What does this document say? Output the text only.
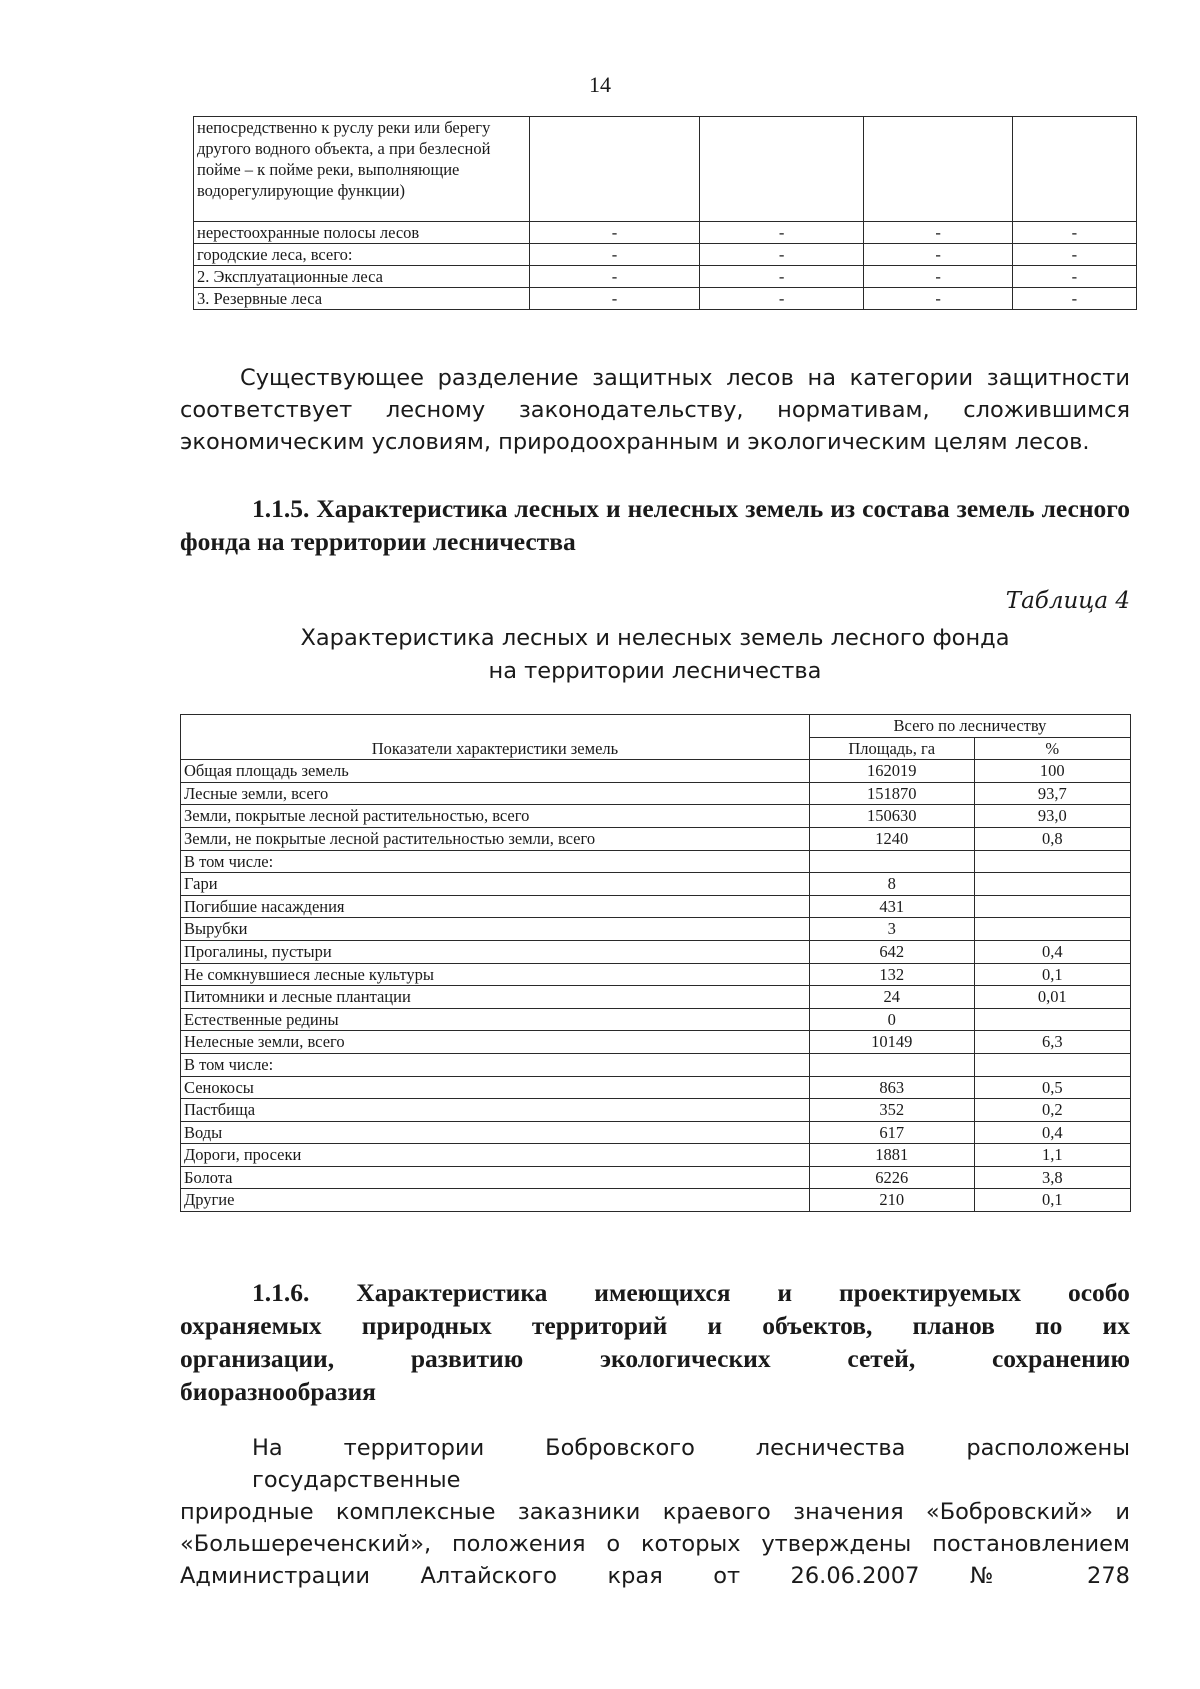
14
непосредственно к руслу реки или берегу другого водного объекта, а при безлесной пойме – к пойме реки, выполняющие водорегулирующие функции)				
нерестоохранные полосы лесов	-	-	-	-
городские леса, всего:	-	-	-	-
2. Эксплуатационные леса	-	-	-	-
3. Резервные леса	-	-	-	-
Существующее разделение защитных лесов на категории защитности соответствует лесному законодательству, нормативам, сложившимся экономическим условиям, природоохранным и экологическим целям лесов.
1.1.5. Характеристика лесных и нелесных земель из состава земель лесного фонда на территории лесничества
Таблица 4
Характеристика лесных и нелесных земель лесного фонда
на территории лесничества
Показатели характеристики земель	Всего по лесничеству	
	Площадь, га	%
Общая площадь земель	162019	100
Лесные земли, всего	151870	93,7
Земли, покрытые лесной растительностью, всего	150630	93,0
Земли, не покрытые лесной растительностью земли, всего	1240	0,8
В том числе:		
Гари	8	
Погибшие насаждения	431	
Вырубки	3	
Прогалины, пустыри	642	0,4
Не сомкнувшиеся лесные культуры	132	0,1
Питомники и лесные плантации	24	0,01
Естественные редины	0	
Нелесные земли, всего	10149	6,3
В том числе:		
Сенокосы	863	0,5
Пастбища	352	0,2
Воды	617	0,4
Дороги, просеки	1881	1,1
Болота	6226	3,8
Другие	210	0,1
1.1.6. Характеристика имеющихся и проектируемых особо
охраняемых природных территорий и объектов, планов по их
организации, развитию экологических сетей, сохранению
биоразнообразия
На территории Бобровского лесничества расположены государственные
природные комплексные заказники краевого значения «Бобровский» и
«Большереченский», положения о которых утверждены постановлением
Администрации Алтайского края от 26.06.2007 № 278
